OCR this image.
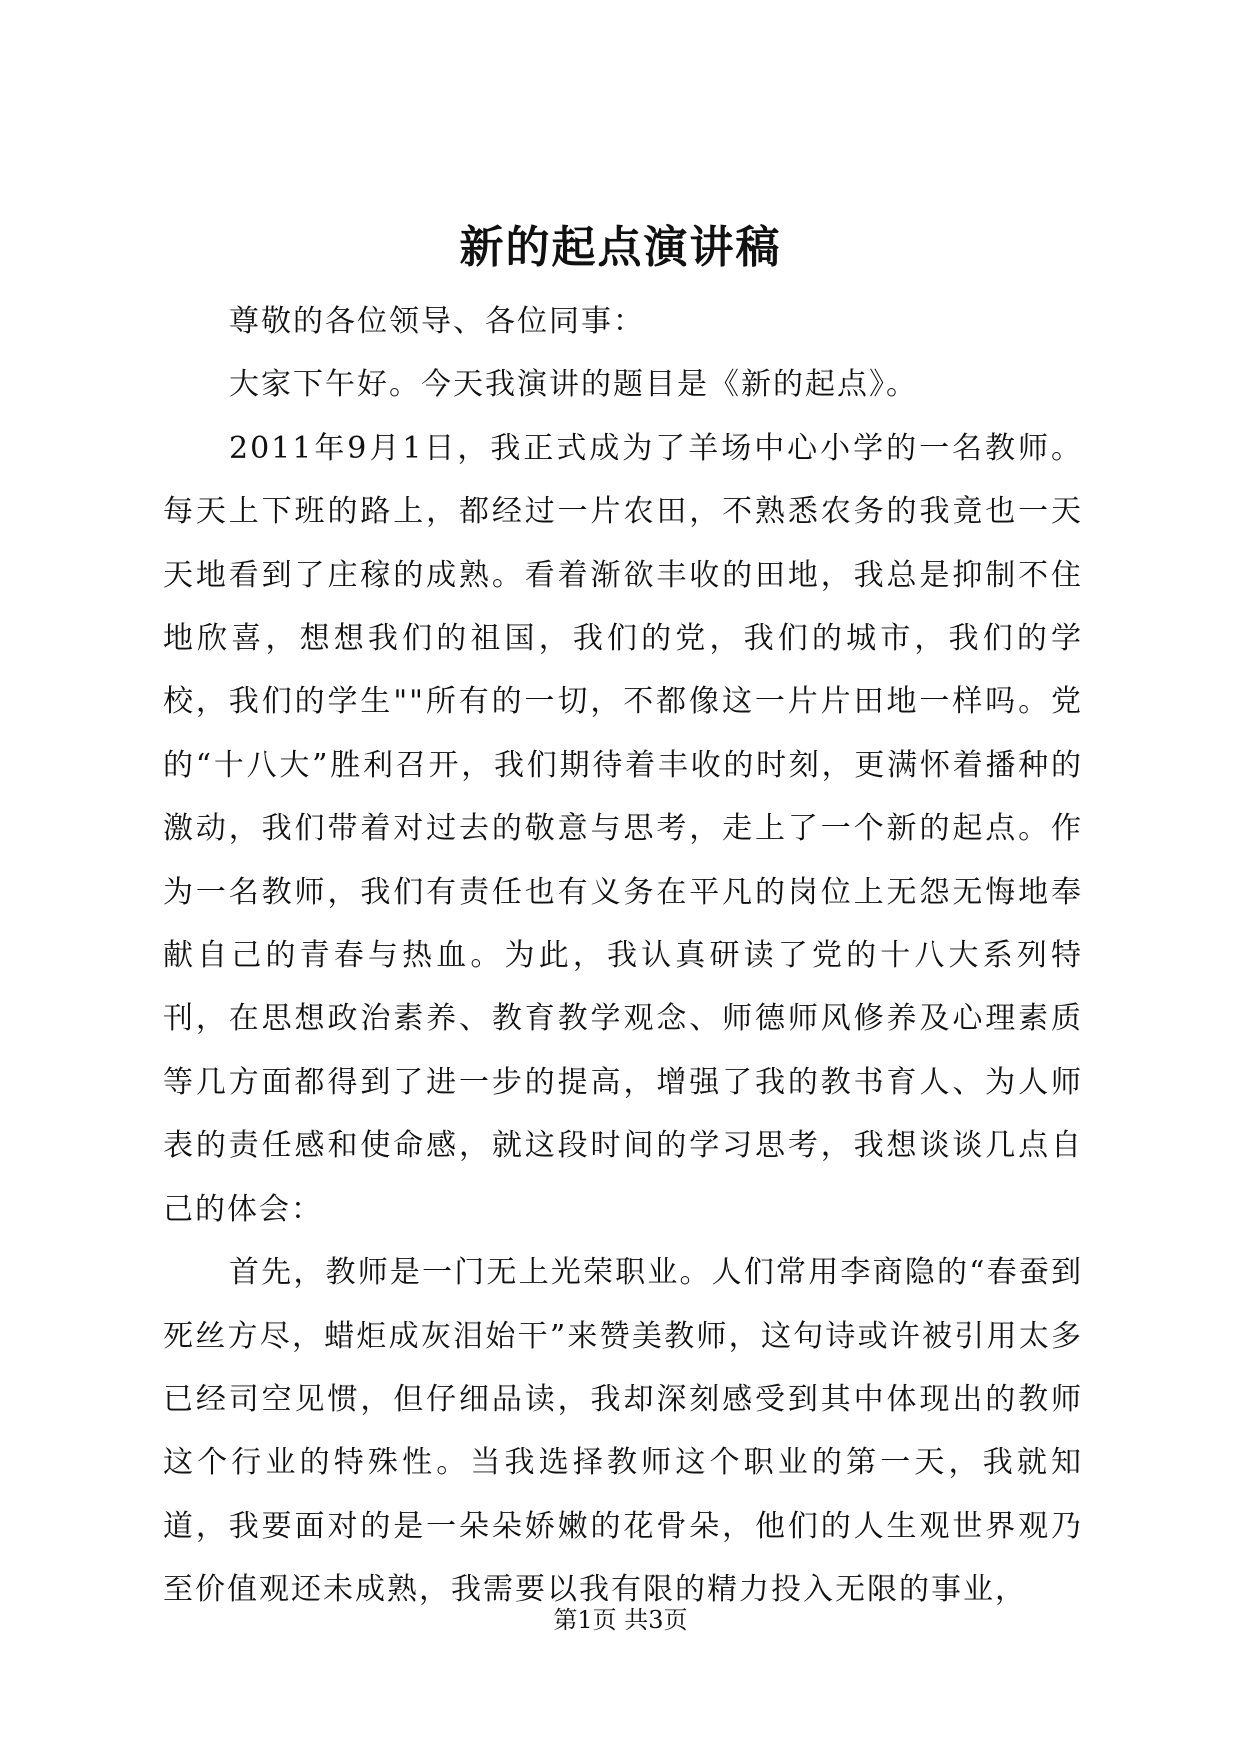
新的起点演讲稿

尊敬的各位领导、各位同事：

大家下午好。今天我演讲的题目是《新的起点》。

2011年9月1日，我正式成为了羊场中心小学的一名教师。每天上下班的路上，都经过一片农田，不熟悉农务的我竟也一天天地看到了庄稼的成熟。看着渐欲丰收的田地，我总是抑制不住地欣喜，想想我们的祖国，我们的党，我们的城市，我们的学校，我们的学生""所有的一切，不都像这一片片田地一样吗。党的“十八大”胜利召开，我们期待着丰收的时刻，更满怀着播种的激动，我们带着对过去的敬意与思考，走上了一个新的起点。作为一名教师，我们有责任也有义务在平凡的岗位上无怨无悔地奉献自己的青春与热血。为此，我认真研读了党的十八大系列特刊，在思想政治素养、教育教学观念、师德师风修养及心理素质等几方面都得到了进一步的提高，增强了我的教书育人、为人师表的责任感和使命感，就这段时间的学习思考，我想谈谈几点自己的体会：

首先，教师是一门无上光荣职业。人们常用李商隐的“春蚕到死丝方尽，蜡炬成灰泪始干”来赞美教师，这句诗或许被引用太多已经司空见惯，但仔细品读，我却深刻感受到其中体现出的教师这个行业的特殊性。当我选择教师这个职业的第一天，我就知道，我要面对的是一朵朵娇嫩的花骨朵，他们的人生观世界观乃至价值观还未成熟，我需要以我有限的精力投入无限的事业，

第1页 共3页
